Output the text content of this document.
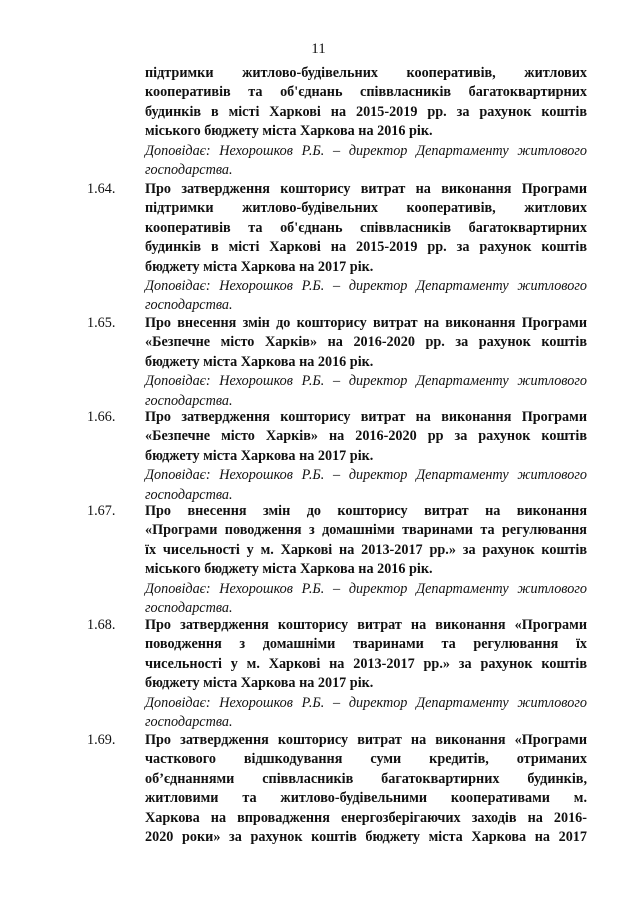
11
підтримки житлово-будівельних кооперативів, житлових
кооперативів та об'єднань співвласників багатоквартирних
будинків в місті Харкові на 2015-2019 рр. за рахунок коштів
міського бюджету міста Харкова на 2016 рік.
Доповідає: Нехорошков Р.Б. – директор Департаменту житлового
господарства.
1.64. Про затвердження кошторису витрат на виконання Програми
підтримки житлово-будівельних кооперативів, житлових
кооперативів та об'єднань співвласників багатоквартирних
будинків в місті Харкові на 2015-2019 рр. за рахунок коштів
бюджету міста Харкова на 2017 рік.
Доповідає: Нехорошков Р.Б. – директор Департаменту житлового
господарства.
1.65. Про внесення змін до кошторису витрат на виконання Програми
«Безпечне місто Харків» на 2016-2020 рр. за рахунок коштів
бюджету міста Харкова на 2016 рік.
Доповідає: Нехорошков Р.Б. – директор Департаменту житлового
господарства.
1.66. Про затвердження кошторису витрат на виконання Програми
«Безпечне місто Харків» на 2016-2020 рр за рахунок коштів
бюджету міста Харкова на 2017 рік.
Доповідає: Нехорошков Р.Б. – директор Департаменту житлового
господарства.
1.67. Про внесення змін до кошторису витрат на виконання
«Програми поводження з домашніми тваринами та регулювання
їх чисельності у м. Харкові на 2013-2017 рр.» за рахунок коштів
міського бюджету міста Харкова на 2016 рік.
Доповідає: Нехорошков Р.Б. – директор Департаменту житлового
господарства.
1.68. Про затвердження кошторису витрат на виконання «Програми
поводження з домашніми тваринами та регулювання їх
чисельності у м. Харкові на 2013-2017 рр.» за рахунок коштів
бюджету міста Харкова на 2017 рік.
Доповідає: Нехорошков Р.Б. – директор Департаменту житлового
господарства.
1.69. Про затвердження кошторису витрат на виконання «Програми
часткового відшкодування суми кредитів, отриманих
об’єднаннями співвласників багатоквартирних будинків,
житловими та житлово-будівельними кооперативами м.
Харкова на впровадження енергозберігаючих заходів на 2016-
2020 роки» за рахунок коштів бюджету міста Харкова на 2017
